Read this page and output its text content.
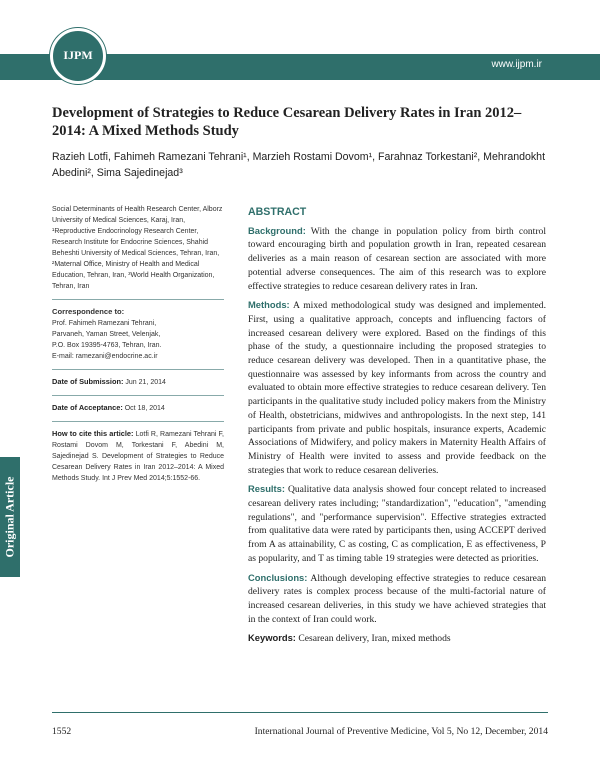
IJPM
www.ijpm.ir
Development of Strategies to Reduce Cesarean Delivery Rates in Iran 2012–2014: A Mixed Methods Study
Razieh Lotfi, Fahimeh Ramezani Tehrani¹, Marzieh Rostami Dovom¹, Farahnaz Torkestani², Mehrandokht Abedini², Sima Sajedinejad³
Original Article

Social Determinants of Health Research Center, Alborz University of Medical Sciences, Karaj, Iran, ¹Reproductive Endocrinology Research Center, Research Institute for Endocrine Sciences, Shahid Beheshti University of Medical Sciences, Tehran, Iran, ²Maternal Office, Ministry of Health and Medical Education, Tehran, Iran, ³World Health Organization, Tehran, Iran

Correspondence to:
Prof. Fahimeh Ramezani Tehrani,
Parvaneh, Yaman Street, Velenjak,
P.O. Box 19395-4763, Tehran, Iran.
E-mail: ramezani@endocrine.ac.ir
Date of Submission: Jun 21, 2014
Date of Acceptance: Oct 18, 2014
How to cite this article: Lotfi R, Ramezani Tehrani F, Rostami Dovom M, Torkestani F, Abedini M, Sajedinejad S. Development of Strategies to Reduce Cesarean Delivery Rates in Iran 2012–2014: A Mixed Methods Study. Int J Prev Med 2014;5:1552-66.
ABSTRACT

Background: With the change in population policy from birth control toward encouraging birth and population growth in Iran, repeated cesarean deliveries as a main reason of cesarean section are associated with more potential adverse consequences. The aim of this research was to explore effective strategies to reduce cesarean delivery rates in Iran.

Methods: A mixed methodological study was designed and implemented. First, using a qualitative approach, concepts and influencing factors of increased cesarean delivery were explored. Based on the findings of this phase of the study, a questionnaire including the proposed strategies to reduce cesarean delivery was developed. Then in a quantitative phase, the questionnaire was assessed by key informants from across the country and evaluated to obtain more effective strategies to reduce cesarean delivery. Ten participants in the qualitative study included policy makers from the Ministry of Health, obstetricians, midwives and anthropologists. In the next step, 141 participants from private and public hospitals, insurance experts, Academic Associations of Midwifery, and policy makers in Maternity Health Affairs of Ministry of Health were invited to assess and provide feedback on the strategies that work to reduce cesarean deliveries.

Results: Qualitative data analysis showed four concept related to increased cesarean delivery rates including; "standardization", "education", "amending regulations", and "performance supervision". Effective strategies extracted from qualitative data were rated by participants then, using ACCEPT derived from A as attainability, C as costing, C as complication, E as effectiveness, P as popularity, and T as timing table 19 strategies were detected as priorities.

Conclusions: Although developing effective strategies to reduce cesarean delivery rates is complex process because of the multi-factorial nature of increased cesarean deliveries, in this study we have achieved strategies that in the context of Iran could work.

Keywords: Cesarean delivery, Iran, mixed methods

1552	International Journal of Preventive Medicine, Vol 5, No 12, December, 2014
